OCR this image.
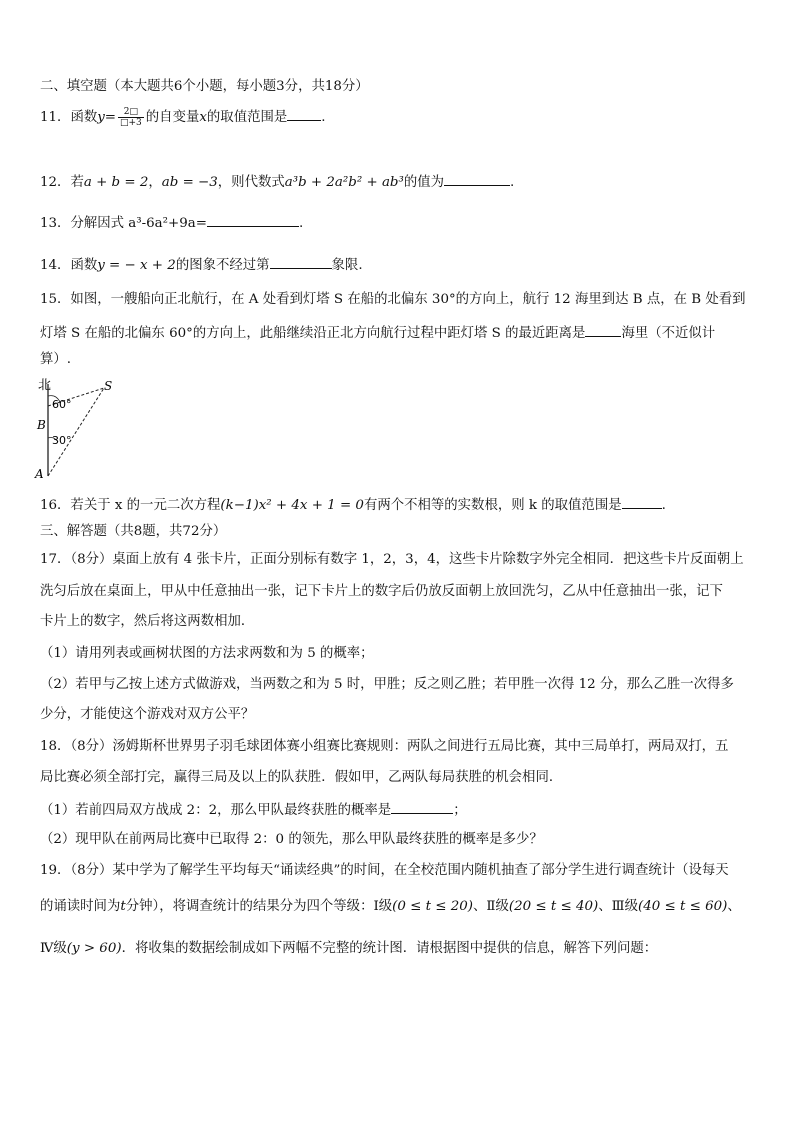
二、填空题（本大题共6个小题，每小题3分，共18分）
11．函数$y= \frac{2□}{□+3}$ 的自变量x的取值范围是	.
12．若a + b = 2，ab = −3，则代数式a³b + 2a²b² + ab³的值为	.
13．分解因式 a³-6a²+9a=	.
14．函数y = − x + 2的图象不经过第	象限.
15．如图，一艘船向正北航行，在 A 处看到灯塔 S 在船的北偏东 30°的方向上，航行 12 海里到达 B 点，在 B 处看到
灯塔 S 在船的北偏东 60°的方向上，此船继续沿正北方向航行过程中距灯塔 S 的最近距离是	海里（不近似计
算）.
北	S
B
A
60°
30°
16．若关于 x 的一元二次方程(k−1)x² + 4x + 1 = 0有两个不相等的实数根，则 k 的取值范围是	.
三、解答题（共8题，共72分）
17．（8分）桌面上放有 4 张卡片，正面分别标有数字 1，2，3，4，这些卡片除数字外完全相同．把这些卡片反面朝上
洗匀后放在桌面上，甲从中任意抽出一张，记下卡片上的数字后仍放反面朝上放回洗匀，乙从中任意抽出一张，记下
卡片上的数字，然后将这两数相加．
（1）请用列表或画树状图的方法求两数和为 5 的概率；
（2）若甲与乙按上述方式做游戏，当两数之和为 5 时，甲胜；反之则乙胜；若甲胜一次得 12 分，那么乙胜一次得多
少分，才能使这个游戏对双方公平？
18．（8分）汤姆斯杯世界男子羽毛球团体赛小组赛比赛规则：两队之间进行五局比赛，其中三局单打，两局双打，五
局比赛必须全部打完，赢得三局及以上的队获胜．假如甲，乙两队每局获胜的机会相同．
（1）若前四局双方战成 2：2，那么甲队最终获胜的概率是	；
（2）现甲队在前两局比赛中已取得 2：0 的领先，那么甲队最终获胜的概率是多少？
19．（8分）某中学为了解学生平均每天“诵读经典”的时间，在全校范围内随机抽查了部分学生进行调查统计（设每天
的诵读时间为t分钟），将调查统计的结果分为四个等级：Ⅰ级(0 ≤ t ≤ 20)、Ⅱ级(20 ≤ t ≤ 40)、Ⅲ级(40 ≤ t ≤ 60)、
Ⅳ级(y > 60)．将收集的数据绘制成如下两幅不完整的统计图．请根据图中提供的信息，解答下列问题：
